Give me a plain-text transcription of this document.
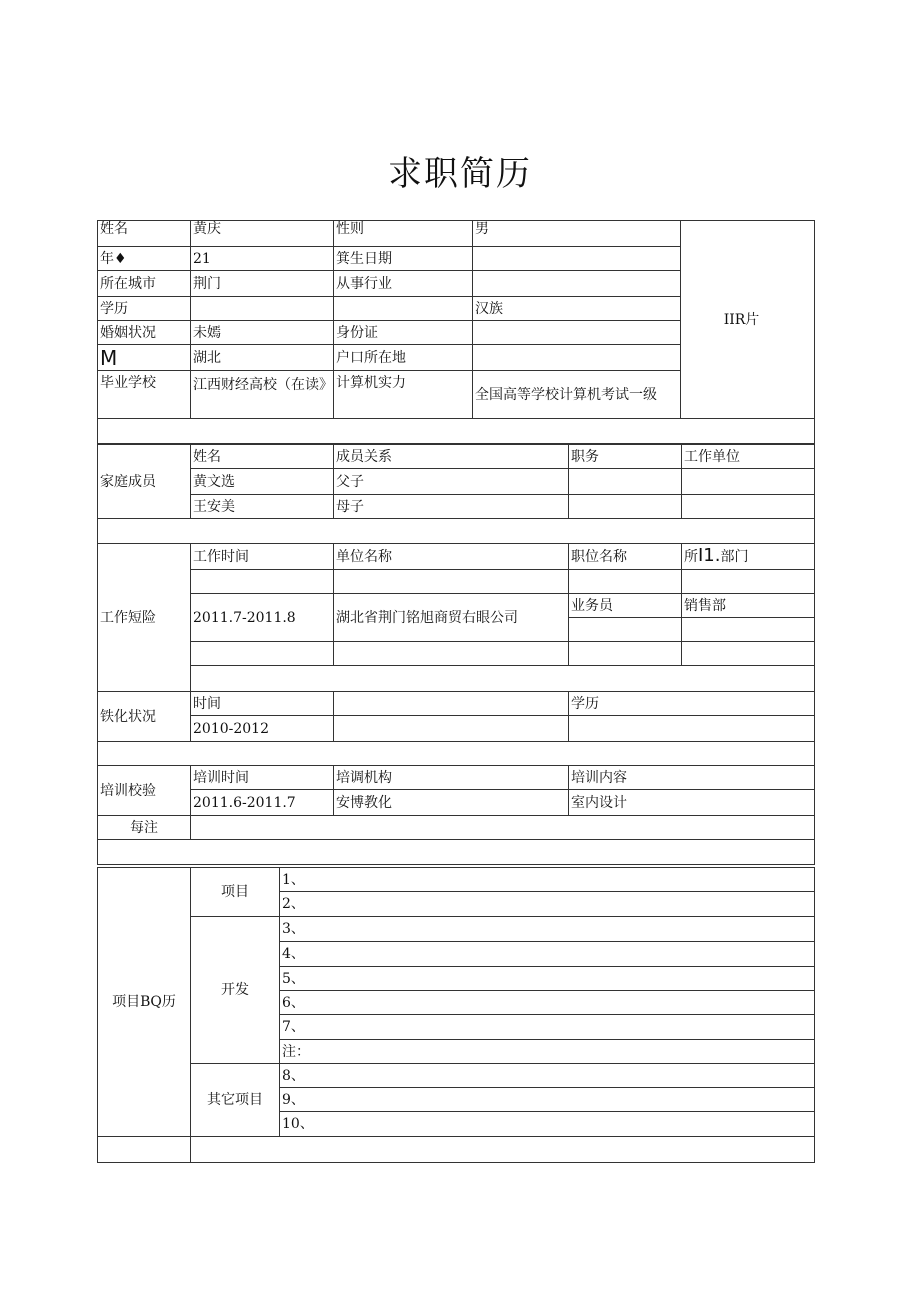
求职简历
姓名	黄庆	性则	男	IIR片
年♦	21	箕生日期		
所在城市	荆门	从事行业		
学历			汉族	
婚姻状况	未嫣	身份证		
M	湖北	户口所在地		
毕业学校	江西财经高校（在读》	计算机实力	全国高等学校计算机考试一级	

家庭成员	姓名	成员关系	职务	工作单位
	黄文选	父子		
	王安美	母子		

工作短险	工作时间	单位名称	职位名称	所I1.部门

	2011.7-2011.8	湖北省荆门铭旭商贸右眼公司	业务员	销售部

铁化状况	时间		学历	
	2010-2012			

培训校验	培训时间	培调机构	培训内容	
	2011.6-2011.7	安博教化	室内设计	
每注				

项目BQ历	项目	1、
		2、
	开发	3、
		4、
		5、
		6、
		7、
		注：
	其它项目	8、
		9、
		10、
